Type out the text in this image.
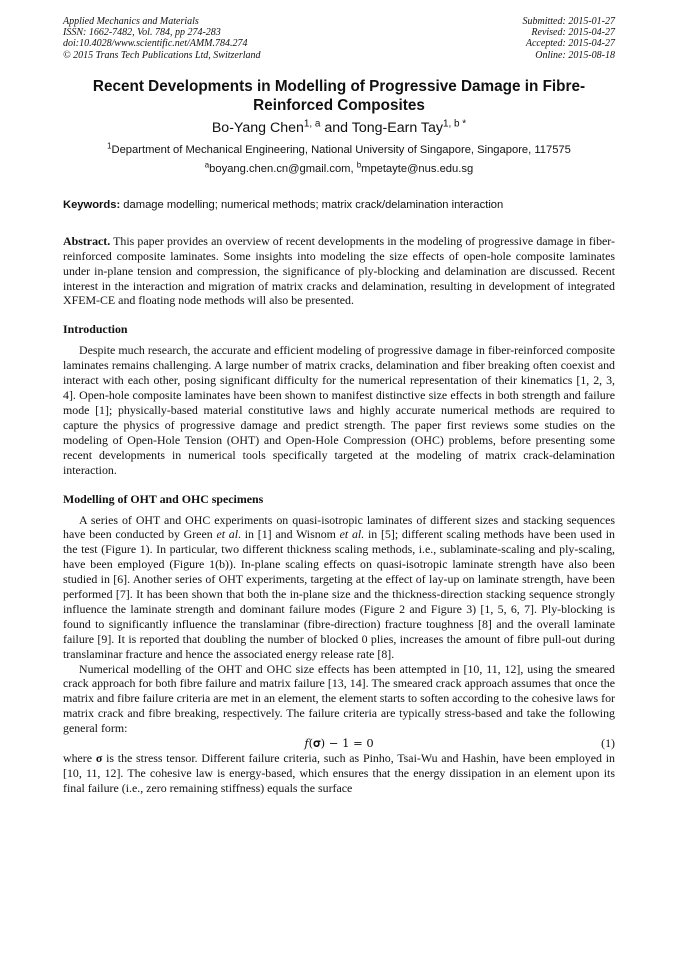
Applied Mechanics and Materials
ISSN: 1662-7482, Vol. 784, pp 274-283
doi:10.4028/www.scientific.net/AMM.784.274
© 2015 Trans Tech Publications Ltd, Switzerland
Submitted: 2015-01-27
Revised: 2015-04-27
Accepted: 2015-04-27
Online: 2015-08-18
Recent Developments in Modelling of Progressive Damage in Fibre-Reinforced Composites
Bo-Yang Chen$^{1, a}$ and Tong-Earn Tay$^{1, b *}$
$^1$Department of Mechanical Engineering, National University of Singapore, Singapore, 117575
$^a$boyang.chen.cn@gmail.com, $^b$mpetayte@nus.edu.sg
Keywords: damage modelling; numerical methods; matrix crack/delamination interaction

Abstract. This paper provides an overview of recent developments in the modeling of progressive damage in fiber-reinforced composite laminates. Some insights into modeling the size effects of open-hole composite laminates under in-plane tension and compression, the significance of ply-blocking and delamination are discussed. Recent interest in the interaction and migration of matrix cracks and delamination, resulting in development of integrated XFEM-CE and floating node methods will also be presented.

Introduction

Despite much research, the accurate and efficient modeling of progressive damage in fiber-reinforced composite laminates remains challenging. A large number of matrix cracks, delamination and fiber breaking often coexist and interact with each other, posing significant difficulty for the numerical representation of their kinematics [1, 2, 3, 4]. Open-hole composite laminates have been shown to manifest distinctive size effects in both strength and failure mode [1]; physically-based material constitutive laws and highly accurate numerical methods are required to capture the physics of progressive damage and predict strength. The paper first reviews some studies on the modeling of Open-Hole Tension (OHT) and Open-Hole Compression (OHC) problems, before presenting some recent developments in numerical tools specifically targeted at the modeling of matrix crack-delamination interaction.

Modelling of OHT and OHC specimens

A series of OHT and OHC experiments on quasi-isotropic laminates of different sizes and stacking sequences have been conducted by Green et al. in [1] and Wisnom et al. in [5]; different scaling methods have been used in the test (Figure 1). In particular, two different thickness scaling methods, i.e., sublaminate-scaling and ply-scaling, have been employed (Figure 1(b)). In-plane scaling effects on quasi-isotropic laminate strength have also been studied in [6]. Another series of OHT experiments, targeting at the effect of lay-up on laminate strength, have been performed [7]. It has been shown that both the in-plane size and the thickness-direction stacking sequence strongly influence the laminate strength and dominant failure modes (Figure 2 and Figure 3) [1, 5, 6, 7]. Ply-blocking is found to significantly influence the translaminar (fibre-direction) fracture toughness [8] and the overall laminate failure [9]. It is reported that doubling the number of blocked 0 plies, increases the amount of fibre pull-out during translaminar fracture and hence the associated energy release rate [8].

Numerical modelling of the OHT and OHC size effects has been attempted in [10, 11, 12], using the smeared crack approach for both fibre failure and matrix failure [13, 14]. The smeared crack approach assumes that once the matrix and fibre failure criteria are met in an element, the element starts to soften according to the cohesive laws for matrix crack and fibre breaking, respectively. The failure criteria are typically stress-based and take the following general form:

𝑓(𝛔) − 1 = 0	(1)

where σ is the stress tensor. Different failure criteria, such as Pinho, Tsai-Wu and Hashin, have been employed in [10, 11, 12]. The cohesive law is energy-based, which ensures that the energy dissipation in an element upon its final failure (i.e., zero remaining stiffness) equals the surface
